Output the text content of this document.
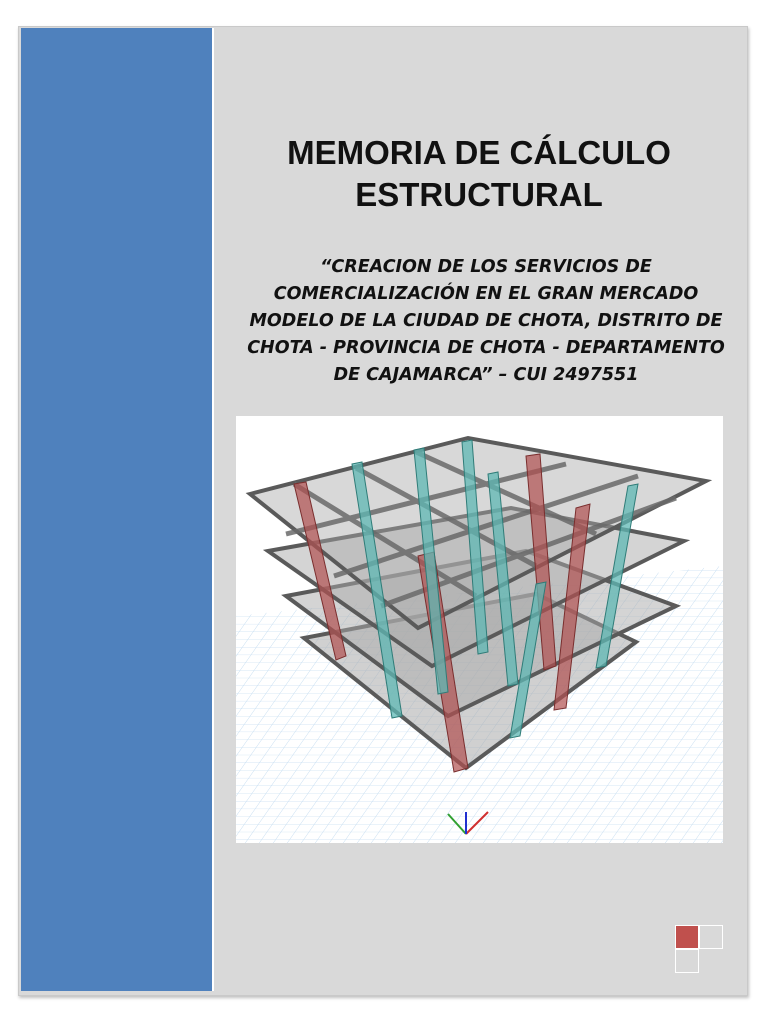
MEMORIA DE CÁLCULO
ESTRUCTURAL
“CREACION DE LOS SERVICIOS DE
COMERCIALIZACIÓN EN EL GRAN MERCADO
MODELO DE LA CIUDAD DE CHOTA, DISTRITO DE
CHOTA - PROVINCIA DE CHOTA - DEPARTAMENTO
DE CAJAMARCA” – CUI 2497551
